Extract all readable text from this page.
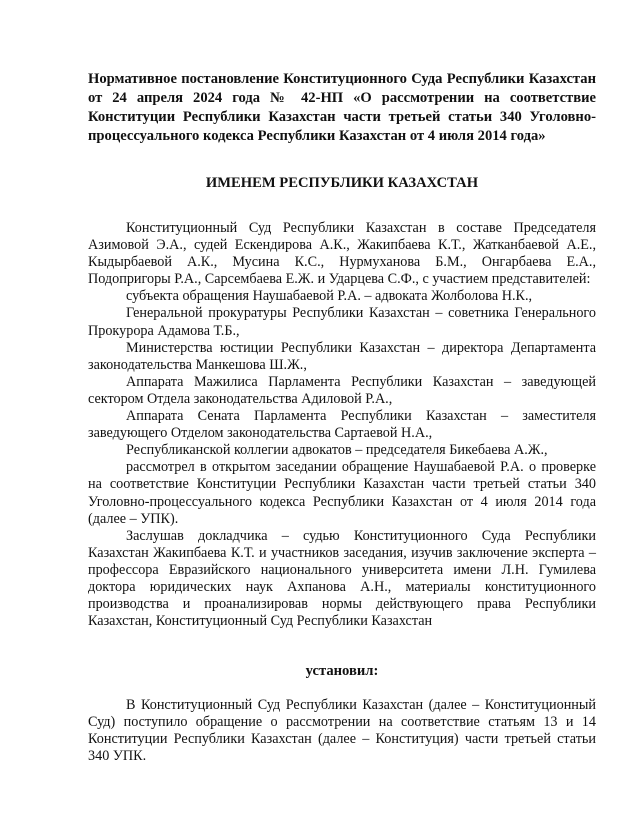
Нормативное постановление Конституционного Суда Республики Казахстан от 24 апреля 2024 года № 42-НП «О рассмотрении на соответствие Конституции Республики Казахстан части третьей статьи 340 Уголовно-процессуального кодекса Республики Казахстан от 4 июля 2014 года»

ИМЕНЕМ РЕСПУБЛИКИ КАЗАХСТАН

Конституционный Суд Республики Казахстан в составе Председателя Азимовой Э.А., судей Ескендирова А.К., Жакипбаева К.Т., Жатканбаевой А.Е., Кыдырбаевой А.К., Мусина К.С., Нурмуханова Б.М., Онгарбаева Е.А., Подопригоры Р.А., Сарсембаева Е.Ж. и Ударцева С.Ф., с участием представителей:

субъекта обращения Наушабаевой Р.А. – адвоката Жолболова Н.К.,

Генеральной прокуратуры Республики Казахстан – советника Генерального Прокурора Адамова Т.Б.,

Министерства юстиции Республики Казахстан – директора Департамента законодательства Манкешова Ш.Ж.,

Аппарата Мажилиса Парламента Республики Казахстан – заведующей сектором Отдела законодательства Адиловой Р.А.,

Аппарата Сената Парламента Республики Казахстан – заместителя заведующего Отделом законодательства Сартаевой Н.А.,

Республиканской коллегии адвокатов – председателя Бикебаева А.Ж.,

рассмотрел в открытом заседании обращение Наушабаевой Р.А. о проверке на соответствие Конституции Республики Казахстан части третьей статьи 340 Уголовно-процессуального кодекса Республики Казахстан от 4 июля 2014 года (далее – УПК).

Заслушав докладчика – судью Конституционного Суда Республики Казахстан Жакипбаева К.Т. и участников заседания, изучив заключение эксперта – профессора Евразийского национального университета имени Л.Н. Гумилева доктора юридических наук Ахпанова А.Н., материалы конституционного производства и проанализировав нормы действующего права Республики Казахстан, Конституционный Суд Республики Казахстан

установил:

В Конституционный Суд Республики Казахстан (далее – Конституционный Суд) поступило обращение о рассмотрении на соответствие статьям 13 и 14 Конституции Республики Казахстан (далее – Конституция) части третьей статьи 340 УПК.
